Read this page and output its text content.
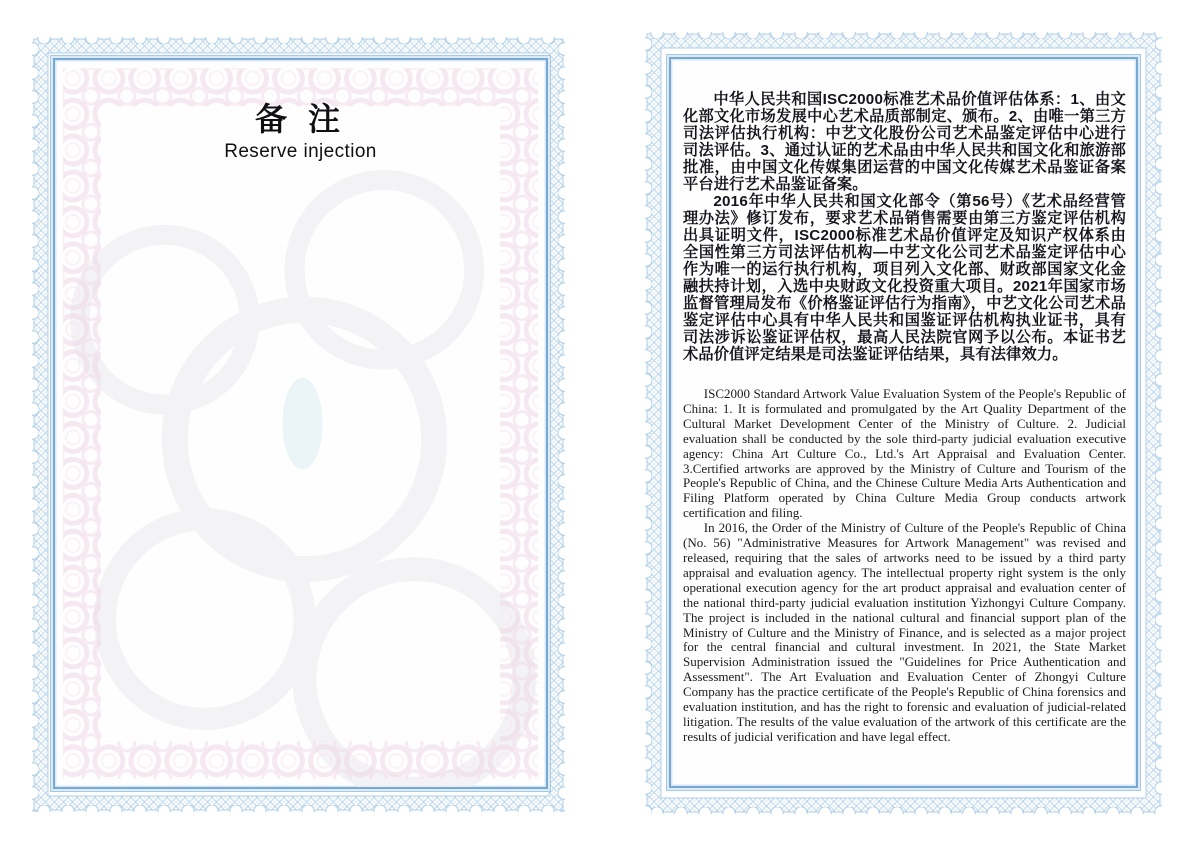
备 注
Reserve injection

中华人民共和国ISC2000标准艺术品价值评估体系：1、由文化部文化市场发展中心艺术品质部制定、颁布。2、由唯一第三方司法评估执行机构：中艺文化股份公司艺术品鉴定评估中心进行司法评估。3、通过认证的艺术品由中华人民共和国文化和旅游部批准，由中国文化传媒集团运营的中国文化传媒艺术品鉴证备案平台进行艺术品鉴证备案。

2016年中华人民共和国文化部令（第56号）《艺术品经营管理办法》修订发布，要求艺术品销售需要由第三方鉴定评估机构出具证明文件，ISC2000标准艺术品价值评定及知识产权体系由全国性第三方司法评估机构—中艺文化公司艺术品鉴定评估中心作为唯一的运行执行机构，项目列入文化部、财政部国家文化金融扶持计划，入选中央财政文化投资重大项目。2021年国家市场监督管理局发布《价格鉴证评估行为指南》，中艺文化公司艺术品鉴定评估中心具有中华人民共和国鉴证评估机构执业证书，具有司法涉诉讼鉴证评估权，最高人民法院官网予以公布。本证书艺术品价值评定结果是司法鉴证评估结果，具有法律效力。

ISC2000 Standard Artwork Value Evaluation System of the People's Republic of China: 1. It is formulated and promulgated by the Art Quality Department of the Cultural Market Development Center of the Ministry of Culture. 2. Judicial evaluation shall be conducted by the sole third-party judicial evaluation executive agency: China Art Culture Co., Ltd.'s Art Appraisal and Evaluation Center. 3.Certified artworks are approved by the Ministry of Culture and Tourism of the People's Republic of China, and the Chinese Culture Media Arts Authentication and Filing Platform operated by China Culture Media Group conducts artwork certification and filing.

In 2016, the Order of the Ministry of Culture of the People's Republic of China (No. 56) "Administrative Measures for Artwork Management" was revised and released, requiring that the sales of artworks need to be issued by a third party appraisal and evaluation agency. The intellectual property right system is the only operational execution agency for the art product appraisal and evaluation center of the national third-party judicial evaluation institution Yizhongyi Culture Company. The project is included in the national cultural and financial support plan of the Ministry of Culture and the Ministry of Finance, and is selected as a major project for the central financial and cultural investment. In 2021, the State Market Supervision Administration issued the "Guidelines for Price Authentication and Assessment". The Art Evaluation and Evaluation Center of Zhongyi Culture Company has the practice certificate of the People's Republic of China forensics and evaluation institution, and has the right to forensic and evaluation of judicial-related litigation. The results of the value evaluation of the artwork of this certificate are the results of judicial verification and have legal effect.
